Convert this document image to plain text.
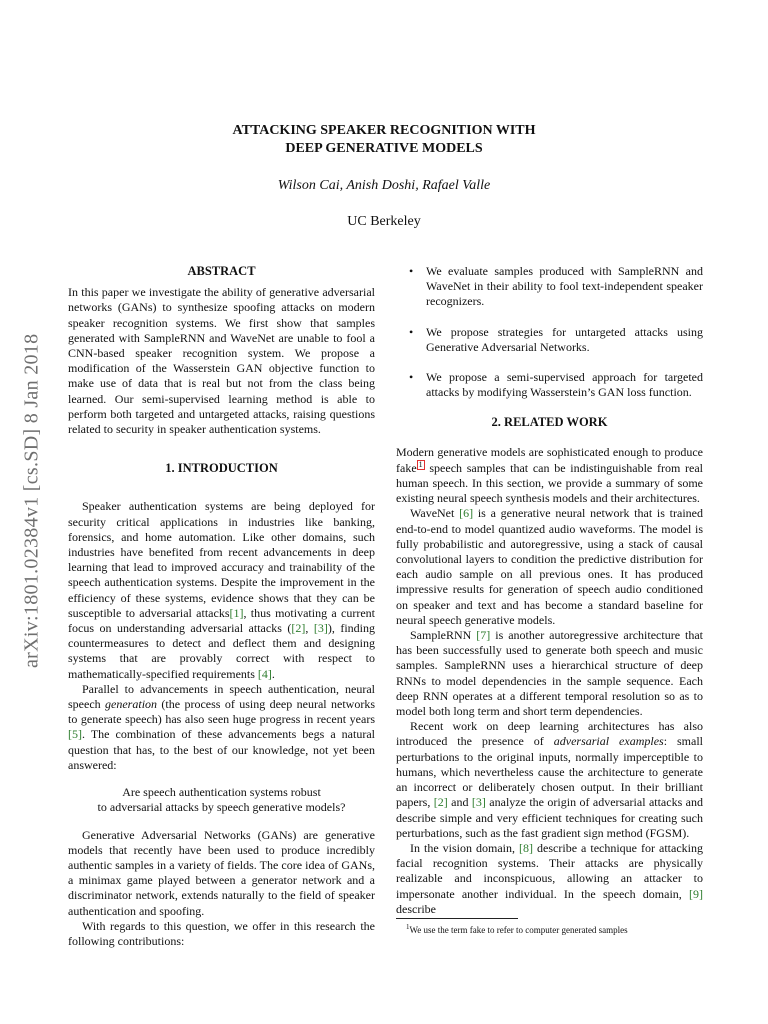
ATTACKING SPEAKER RECOGNITION WITH
DEEP GENERATIVE MODELS
Wilson Cai, Anish Doshi, Rafael Valle
UC Berkeley
arXiv:1801.02384v1 [cs.SD] 8 Jan 2018
ABSTRACT

In this paper we investigate the ability of generative adversarial networks (GANs) to synthesize spoofing attacks on modern speaker recognition systems. We first show that samples generated with SampleRNN and WaveNet are unable to fool a CNN-based speaker recognition system. We propose a modification of the Wasserstein GAN objective function to make use of data that is real but not from the class being learned. Our semi-supervised learning method is able to perform both targeted and untargeted attacks, raising questions related to security in speaker authentication systems.

1. INTRODUCTION

Speaker authentication systems are being deployed for security critical applications in industries like banking, forensics, and home automation. Like other domains, such industries have benefited from recent advancements in deep learning that lead to improved accuracy and trainability of the speech authentication systems. Despite the improvement in the efficiency of these systems, evidence shows that they can be susceptible to adversarial attacks[1], thus motivating a current focus on understanding adversarial attacks ([2], [3]), finding countermeasures to detect and deflect them and designing systems that are provably correct with respect to mathematically-specified requirements [4].

Parallel to advancements in speech authentication, neural speech generation (the process of using deep neural networks to generate speech) has also seen huge progress in recent years [5]. The combination of these advancements begs a natural question that has, to the best of our knowledge, not yet been answered:

Are speech authentication systems robust
to adversarial attacks by speech generative models?

Generative Adversarial Networks (GANs) are generative models that recently have been used to produce incredibly authentic samples in a variety of fields. The core idea of GANs, a minimax game played between a generator network and a discriminator network, extends naturally to the field of speaker authentication and spoofing.

With regards to this question, we offer in this research the following contributions:

• We evaluate samples produced with SampleRNN and WaveNet in their ability to fool text-independent speaker recognizers.
• We propose strategies for untargeted attacks using Generative Adversarial Networks.
• We propose a semi-supervised approach for targeted attacks by modifying Wasserstein’s GAN loss function.
2. RELATED WORK

Modern generative models are sophisticated enough to produce fake 1 speech samples that can be indistinguishable from real human speech. In this section, we provide a summary of some existing neural speech synthesis models and their architectures.

WaveNet [6] is a generative neural network that is trained end-to-end to model quantized audio waveforms. The model is fully probabilistic and autoregressive, using a stack of causal convolutional layers to condition the predictive distribution for each audio sample on all previous ones. It has produced impressive results for generation of speech audio conditioned on speaker and text and has become a standard baseline for neural speech generative models.

SampleRNN [7] is another autoregressive architecture that has been successfully used to generate both speech and music samples. SampleRNN uses a hierarchical structure of deep RNNs to model dependencies in the sample sequence. Each deep RNN operates at a different temporal resolution so as to model both long term and short term dependencies.

Recent work on deep learning architectures has also introduced the presence of adversarial examples: small perturbations to the original inputs, normally imperceptible to humans, which nevertheless cause the architecture to generate an incorrect or deliberately chosen output. In their brilliant papers, [2] and [3] analyze the origin of adversarial attacks and describe simple and very efficient techniques for creating such perturbations, such as the fast gradient sign method (FGSM).

In the vision domain, [8] describe a technique for attacking facial recognition systems. Their attacks are physically realizable and inconspicuous, allowing an attacker to impersonate another individual. In the speech domain, [9] describe

$^1$We use the term fake to refer to computer generated samples
